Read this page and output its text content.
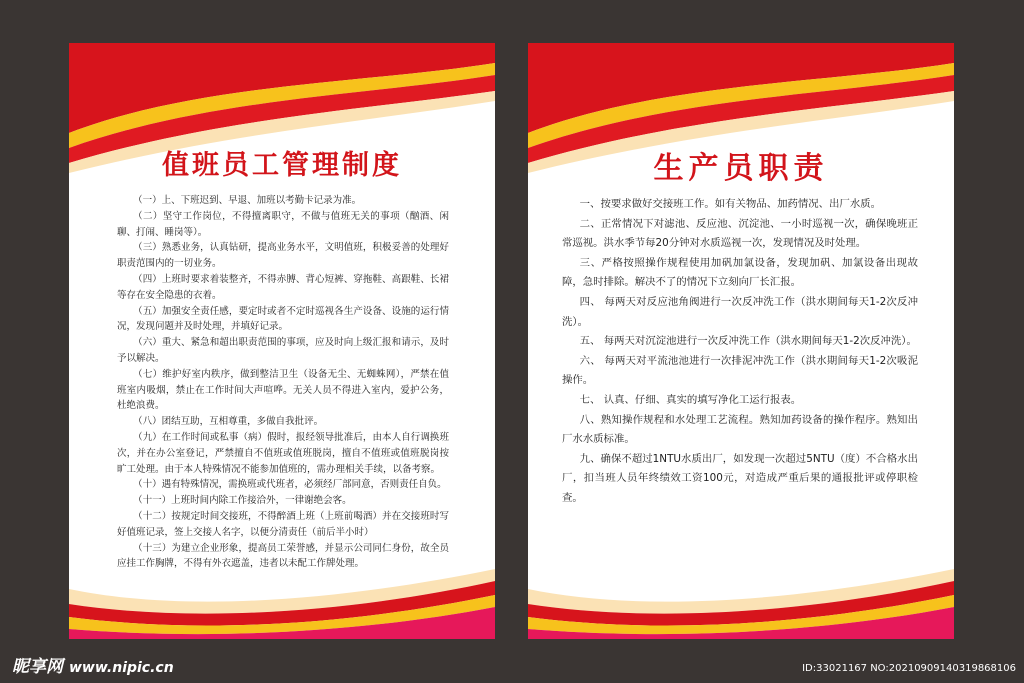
值班员工管理制度

（一）上、下班迟到、早退、加班以考勤卡记录为准。

（二）坚守工作岗位，不得擅离职守，不做与值班无关的事项（酗酒、闲聊、打闹、睡岗等）。

（三）熟悉业务，认真钻研，提高业务水平，文明值班，积极妥善的处理好职责范围内的一切业务。

（四）上班时要求着装整齐，不得赤膊、背心短裤、穿拖鞋、高跟鞋、长裙等存在安全隐患的衣着。

（五）加强安全责任感，要定时或者不定时巡视各生产设备、设施的运行情况，发现问题并及时处理，并填好记录。

（六）重大、紧急和超出职责范围的事项，应及时向上级汇报和请示，及时予以解决。

（七）维护好室内秩序，做到整洁卫生（设备无尘、无蜘蛛网），严禁在值班室内吸烟，禁止在工作时间大声喧哗。无关人员不得进入室内，爱护公务，杜绝浪费。

（八）团结互助，互相尊重，多做自我批评。

（九）在工作时间或私事（病）假时，报经领导批准后，由本人自行调换班次，并在办公室登记，严禁擅自不值班或值班脱岗，擅自不值班或值班脱岗按旷工处理。由于本人特殊情况不能参加值班的，需办理相关手续，以备考察。

（十）遇有特殊情况，需换班或代班者，必须经厂部同意，否则责任自负。

（十一）上班时间内除工作接洽外，一律谢绝会客。

（十二）按规定时间交接班，不得醉酒上班（上班前喝酒）并在交接班时写好值班记录，签上交接人名字，以便分清责任（前后半小时）

（十三）为建立企业形象，提高员工荣誉感，并显示公司同仁身份，故全员应挂工作胸牌，不得有外衣遮盖，违者以未配工作牌处理。

生产员职责

一、按要求做好交接班工作。如有关物品、加药情况、出厂水质。

二、正常情况下对滤池、反应池、沉淀池、一小时巡视一次，确保晚班正常巡视。洪水季节每20分钟对水质巡视一次，发现情况及时处理。

三、严格按照操作规程使用加矾加氯设备，发现加矾、加氯设备出现故障，急时排除。解决不了的情况下立刻向厂长汇报。

四、 每两天对反应池角阀进行一次反冲洗工作（洪水期间每天1-2次反冲洗）。

五、 每两天对沉淀池进行一次反冲洗工作（洪水期间每天1-2次反冲洗）。

六、 每两天对平流池池进行一次排泥冲洗工作（洪水期间每天1-2次吸泥操作。

七、 认真、仔细、真实的填写净化工运行报表。

八、熟知操作规程和水处理工艺流程。熟知加药设备的操作程序。熟知出厂水水质标准。

九、确保不超过1NTU水质出厂，如发现一次超过5NTU（度）不合格水出厂，扣当班人员年终绩效工资100元，对造成严重后果的通报批评或停职检查。

昵享网 www.nipic.cn	ID:33021167 NO:20210909140319868106
